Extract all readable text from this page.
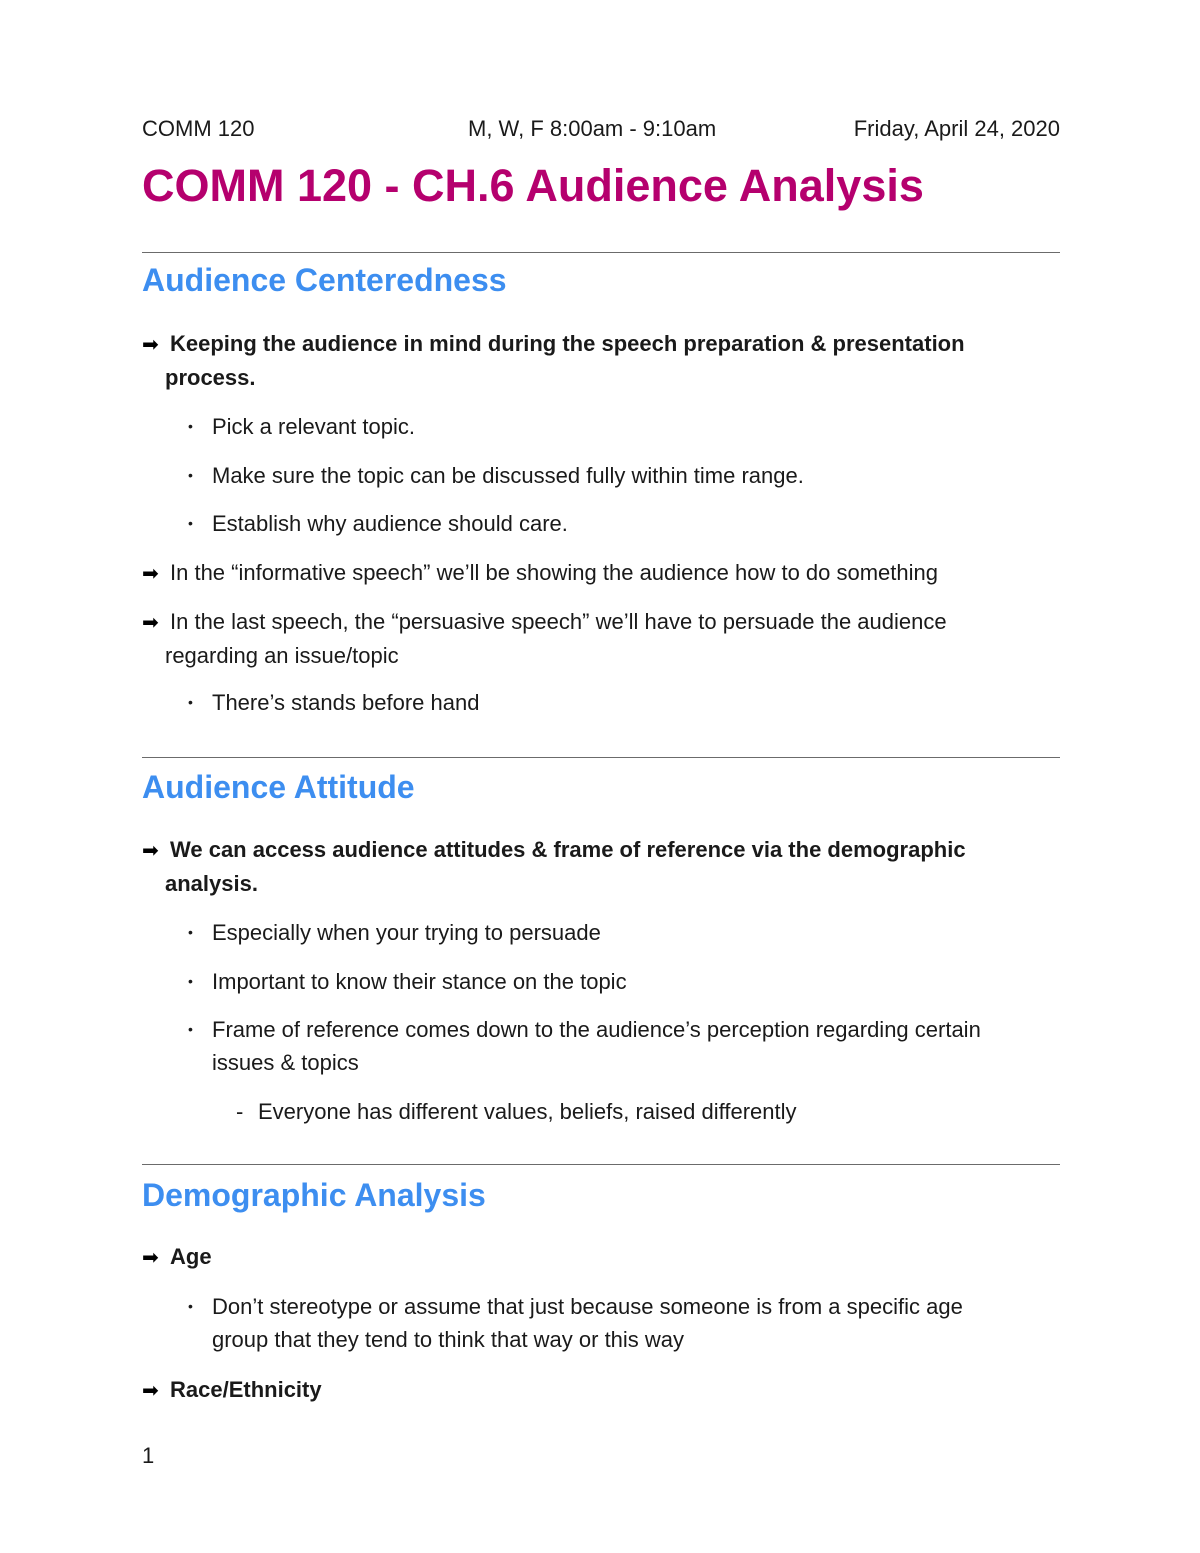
COMM 120	M, W, F 8:00am - 9:10am	Friday, April 24, 2020
COMM 120 - CH.6 Audience Analysis
Audience Centeredness
➡ Keeping the audience in mind during the speech preparation & presentation
process.
• Pick a relevant topic.
• Make sure the topic can be discussed fully within time range.
• Establish why audience should care.
➡ In the “informative speech” we’ll be showing the audience how to do something
➡ In the last speech, the “persuasive speech” we’ll have to persuade the audience
regarding an issue/topic
• There’s stands before hand
Audience Attitude
➡ We can access audience attitudes & frame of reference via the demographic
analysis.
• Especially when your trying to persuade
• Important to know their stance on the topic
• Frame of reference comes down to the audience’s perception regarding certain
issues & topics
- Everyone has different values, beliefs, raised differently
Demographic Analysis
➡ Age
• Don’t stereotype or assume that just because someone is from a specific age
group that they tend to think that way or this way
➡ Race/Ethnicity
1
